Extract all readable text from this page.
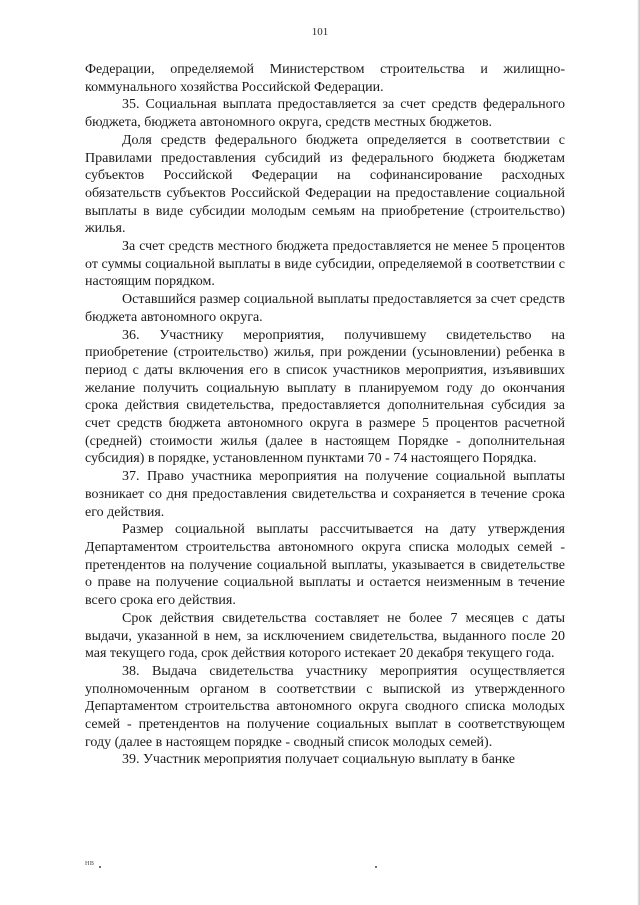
101

Федерации, определяемой Министерством строительства и жилищно-коммунального хозяйства Российской Федерации.

35. Социальная выплата предоставляется за счет средств федерального бюджета, бюджета автономного округа, средств местных бюджетов.

Доля средств федерального бюджета определяется в соответствии с Правилами предоставления субсидий из федерального бюджета бюджетам субъектов Российской Федерации на софинансирование расходных обязательств субъектов Российской Федерации на предоставление социальной выплаты в виде субсидии молодым семьям на приобретение (строительство) жилья.

За счет средств местного бюджета предоставляется не менее 5 процентов от суммы социальной выплаты в виде субсидии, определяемой в соответствии с настоящим порядком.

Оставшийся размер социальной выплаты предоставляется за счет средств бюджета автономного округа.

36. Участнику мероприятия, получившему свидетельство на приобретение (строительство) жилья, при рождении (усыновлении) ребенка в период с даты включения его в список участников мероприятия, изъявивших желание получить социальную выплату в планируемом году до окончания срока действия свидетельства, предоставляется дополнительная субсидия за счет средств бюджета автономного округа в размере 5 процентов расчетной (средней) стоимости жилья (далее в настоящем Порядке - дополнительная субсидия) в порядке, установленном пунктами 70 - 74 настоящего Порядка.

37. Право участника мероприятия на получение социальной выплаты возникает со дня предоставления свидетельства и сохраняется в течение срока его действия.

Размер социальной выплаты рассчитывается на дату утверждения Департаментом строительства автономного округа списка молодых семей - претендентов на получение социальной выплаты, указывается в свидетельстве о праве на получение социальной выплаты и остается неизменным в течение всего срока его действия.

Срок действия свидетельства составляет не более 7 месяцев с даты выдачи, указанной в нем, за исключением свидетельства, выданного после 20 мая текущего года, срок действия которого истекает 20 декабря текущего года.

38. Выдача свидетельства участнику мероприятия осуществляется уполномоченным органом в соответствии с выпиской из утвержденного Департаментом строительства автономного округа сводного списка молодых семей - претендентов на получение социальных выплат в соответствующем году (далее в настоящем порядке - сводный список молодых семей).

39. Участник мероприятия получает социальную выплату в банке

HB
